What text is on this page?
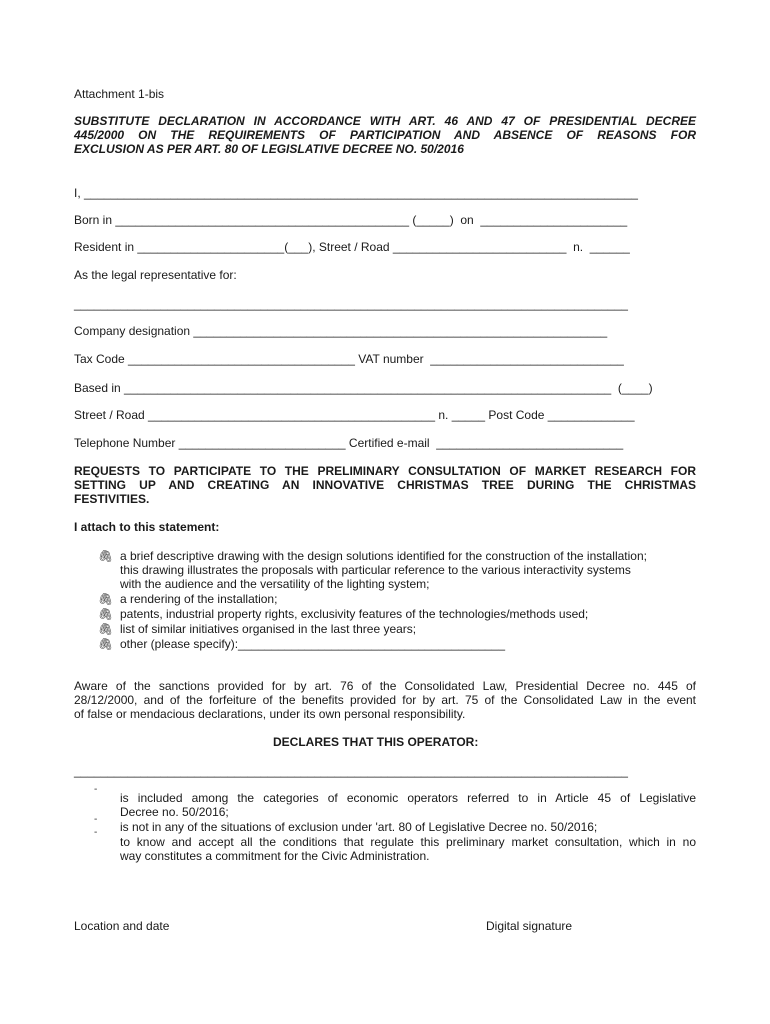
Attachment 1-bis
SUBSTITUTE DECLARATION IN ACCORDANCE WITH ART. 46 AND 47 OF PRESIDENTIAL DECREE
445/2000 ON THE REQUIREMENTS OF PARTICIPATION AND ABSENCE OF REASONS FOR
EXCLUSION AS PER ART. 80 OF LEGISLATIVE DECREE NO. 50/2016
I, ___________________________________________________________________________________
Born in ____________________________________________ (_____)  on  ______________________
Resident in ______________________(___), Street / Road __________________________  n.  ______
As the legal representative for:
___________________________________________________________________________________
Company designation ______________________________________________________________
Tax Code __________________________________ VAT number  _____________________________
Based in _________________________________________________________________________  (____)
Street / Road ___________________________________________ n. _____ Post Code _____________
Telephone Number _________________________ Certified e-mail  ____________________________
REQUESTS TO PARTICIPATE TO THE PRELIMINARY CONSULTATION OF MARKET RESEARCH FOR
SETTING UP AND CREATING AN INNOVATIVE CHRISTMAS TREE DURING THE CHRISTMAS
FESTIVITIES.
I attach to this statement:
🖇︎ a brief descriptive drawing with the design solutions identified for the construction of the installation;
this drawing illustrates the proposals with particular reference to the various interactivity systems
with the audience and the versatility of the lighting system;
🖇︎ a rendering of the installation;
🖇︎ patents, industrial property rights, exclusivity features of the technologies/methods used;
🖇︎ list of similar initiatives organised in the last three years;
🖇︎ other (please specify):________________________________________
Aware of the sanctions provided for by art. 76 of the Consolidated Law, Presidential Decree no. 445 of
28/12/2000, and of the forfeiture of the benefits provided for by art. 75 of the Consolidated Law in the event
of false or mendacious declarations, under its own personal responsibility.
DECLARES THAT THIS OPERATOR:
___________________________________________________________________________________
-
is included among the categories of economic operators referred to in Article 45 of Legislative
Decree no. 50/2016;
-
is not in any of the situations of exclusion under 'art. 80 of Legislative Decree no. 50/2016;
-
to know and accept all the conditions that regulate this preliminary market consultation, which in no
way constitutes a commitment for the Civic Administration.
Location and date	Digital signature
